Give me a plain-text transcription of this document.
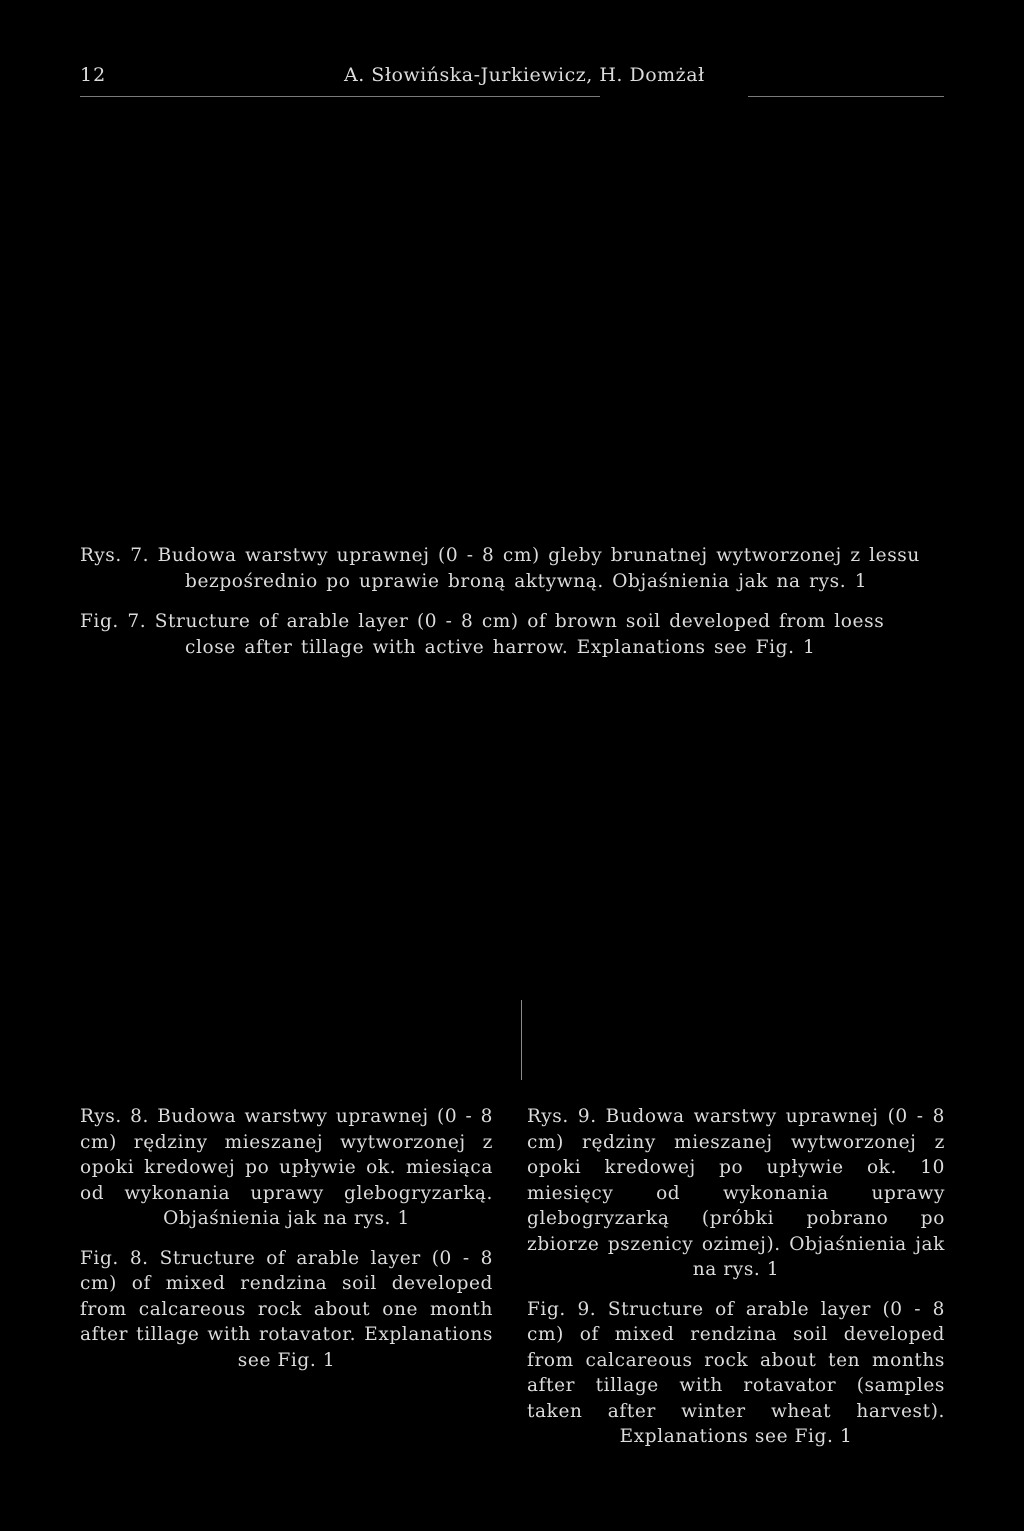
12	A. Słowińska-Jurkiewicz, H. Domżał

Rys. 7. Budowa warstwy uprawnej (0 - 8 cm) gleby brunatnej wytworzonej z lessu

bezpośrednio po uprawie broną aktywną. Objaśnienia jak na rys. 1

Fig. 7. Structure of arable layer (0 - 8 cm) of brown soil developed from loess

close after tillage with active harrow. Explanations see Fig. 1

Rys. 8. Budowa warstwy uprawnej (0 - 8 cm) rędziny mieszanej wytworzonej z opoki kredowej po upływie ok. miesiąca od wykonania uprawy glebogryzarką. Objaśnienia jak na rys. 1

Fig. 8. Structure of arable layer (0 - 8 cm) of mixed rendzina soil developed from calcareous rock about one month after tillage with rotavator. Explanations see Fig. 1

Rys. 9. Budowa warstwy uprawnej (0 - 8 cm) rędziny mieszanej wytworzonej z opoki kredowej po upływie ok. 10 miesięcy od wykonania uprawy glebogryzarką (próbki pobrano po zbiorze pszenicy ozimej). Objaśnienia jak na rys. 1

Fig. 9. Structure of arable layer (0 - 8 cm) of mixed rendzina soil developed from calcareous rock about ten months after tillage with rotavator (samples taken after winter wheat harvest). Explanations see Fig. 1
